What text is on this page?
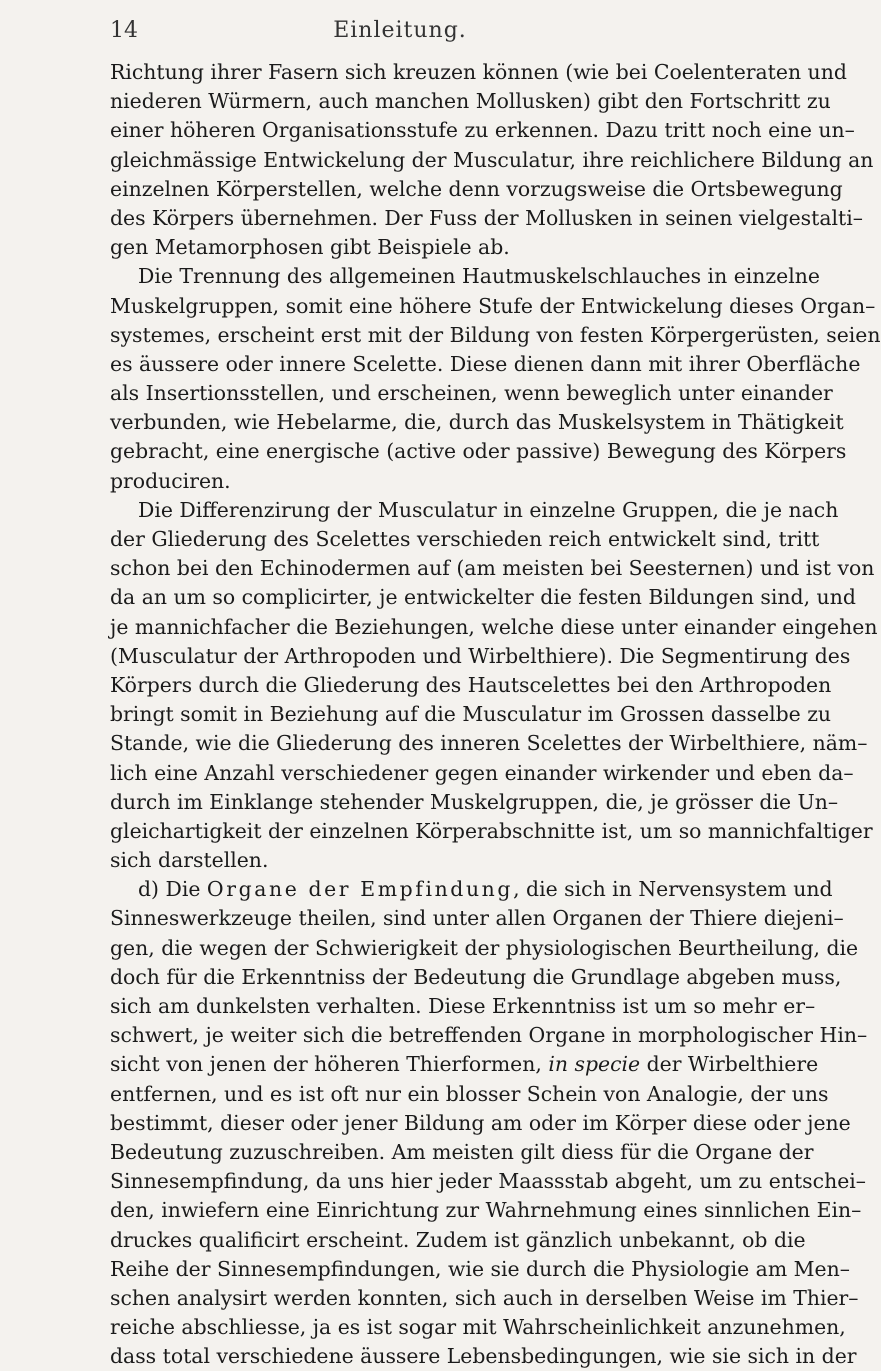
14	Einleitung.
Richtung ihrer Fasern sich kreuzen können (wie bei Coelenteraten und
niederen Würmern, auch manchen Mollusken) gibt den Fortschritt zu
einer höheren Organisationsstufe zu erkennen. Dazu tritt noch eine un–
gleichmässige Entwickelung der Musculatur, ihre reichlichere Bildung an
einzelnen Körperstellen, welche denn vorzugsweise die Ortsbewegung
des Körpers übernehmen. Der Fuss der Mollusken in seinen vielgestalti–
gen Metamorphosen gibt Beispiele ab.
Die Trennung des allgemeinen Hautmuskelschlauches in einzelne
Muskelgruppen, somit eine höhere Stufe der Entwickelung dieses Organ–
systemes, erscheint erst mit der Bildung von festen Körpergerüsten, seien
es äussere oder innere Scelette. Diese dienen dann mit ihrer Oberfläche
als Insertionsstellen, und erscheinen, wenn beweglich unter einander
verbunden, wie Hebelarme, die, durch das Muskelsystem in Thätigkeit
gebracht, eine energische (active oder passive) Bewegung des Körpers
produciren.
Die Differenzirung der Musculatur in einzelne Gruppen, die je nach
der Gliederung des Scelettes verschieden reich entwickelt sind, tritt
schon bei den Echinodermen auf (am meisten bei Seesternen) und ist von
da an um so complicirter, je entwickelter die festen Bildungen sind, und
je mannichfacher die Beziehungen, welche diese unter einander eingehen
(Musculatur der Arthropoden und Wirbelthiere). Die Segmentirung des
Körpers durch die Gliederung des Hautscelettes bei den Arthropoden
bringt somit in Beziehung auf die Musculatur im Grossen dasselbe zu
Stande, wie die Gliederung des inneren Scelettes der Wirbelthiere, näm–
lich eine Anzahl verschiedener gegen einander wirkender und eben da–
durch im Einklange stehender Muskelgruppen, die, je grösser die Un–
gleichartigkeit der einzelnen Körperabschnitte ist, um so mannichfaltiger
sich darstellen.
d) Die Organe der Empfindung, die sich in Nervensystem und
Sinneswerkzeuge theilen, sind unter allen Organen der Thiere diejeni–
gen, die wegen der Schwierigkeit der physiologischen Beurtheilung, die
doch für die Erkenntniss der Bedeutung die Grundlage abgeben muss,
sich am dunkelsten verhalten. Diese Erkenntniss ist um so mehr er–
schwert, je weiter sich die betreffenden Organe in morphologischer Hin–
sicht von jenen der höheren Thierformen, in specie der Wirbelthiere
entfernen, und es ist oft nur ein blosser Schein von Analogie, der uns
bestimmt, dieser oder jener Bildung am oder im Körper diese oder jene
Bedeutung zuzuschreiben. Am meisten gilt diess für die Organe der
Sinnesempfindung, da uns hier jeder Maassstab abgeht, um zu entschei–
den, inwiefern eine Einrichtung zur Wahrnehmung eines sinnlichen Ein–
druckes qualificirt erscheint. Zudem ist gänzlich unbekannt, ob die
Reihe der Sinnesempfindungen, wie sie durch die Physiologie am Men–
schen analysirt werden konnten, sich auch in derselben Weise im Thier–
reiche abschliesse, ja es ist sogar mit Wahrscheinlichkeit anzunehmen,
dass total verschiedene äussere Lebensbedingungen, wie sie sich in der
